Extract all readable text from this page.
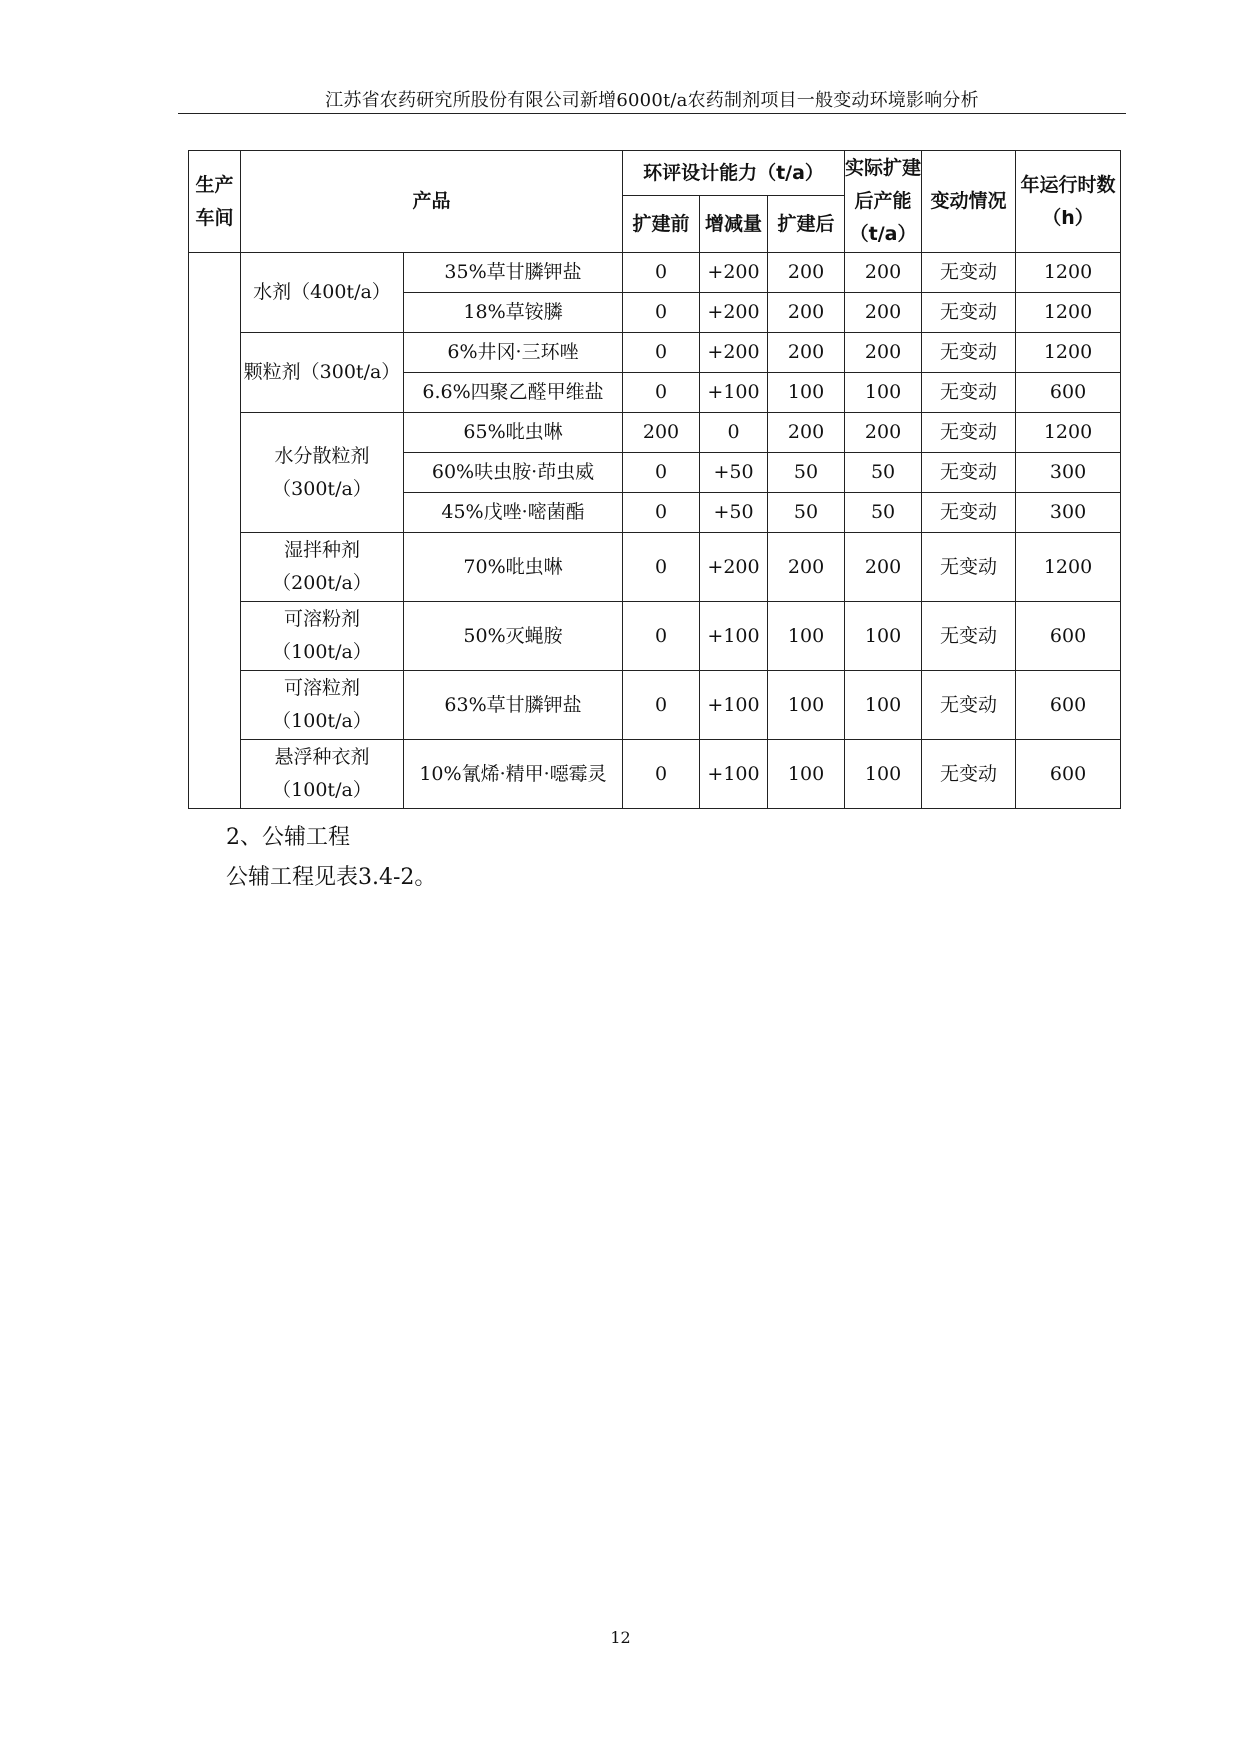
江苏省农药研究所股份有限公司新增6000t/a农药制剂项目一般变动环境影响分析
生产车间	产品		环评设计能力（t/a）			实际扩建后产能（t/a）	变动情况	年运行时数（h）
			扩建前	增减量	扩建后			
	水剂（400t/a）	35%草甘膦钾盐	0	+200	200	200	无变动	1200
		18%草铵膦	0	+200	200	200	无变动	1200
	颗粒剂（300t/a）	6%井冈·三环唑	0	+200	200	200	无变动	1200
		6.6%四聚乙醛甲维盐	0	+100	100	100	无变动	600
	水分散粒剂（300t/a）	65%吡虫啉	200	0	200	200	无变动	1200
		60%呋虫胺·茚虫威	0	+50	50	50	无变动	300
		45%戊唑·嘧菌酯	0	+50	50	50	无变动	300
	湿拌种剂（200t/a）	70%吡虫啉	0	+200	200	200	无变动	1200
	可溶粉剂（100t/a）	50%灭蝇胺	0	+100	100	100	无变动	600
	可溶粒剂（100t/a）	63%草甘膦钾盐	0	+100	100	100	无变动	600
	悬浮种衣剂（100t/a）	10%氰烯·精甲·噁霉灵	0	+100	100	100	无变动	600
2、公辅工程
公辅工程见表3.4-2。
12
